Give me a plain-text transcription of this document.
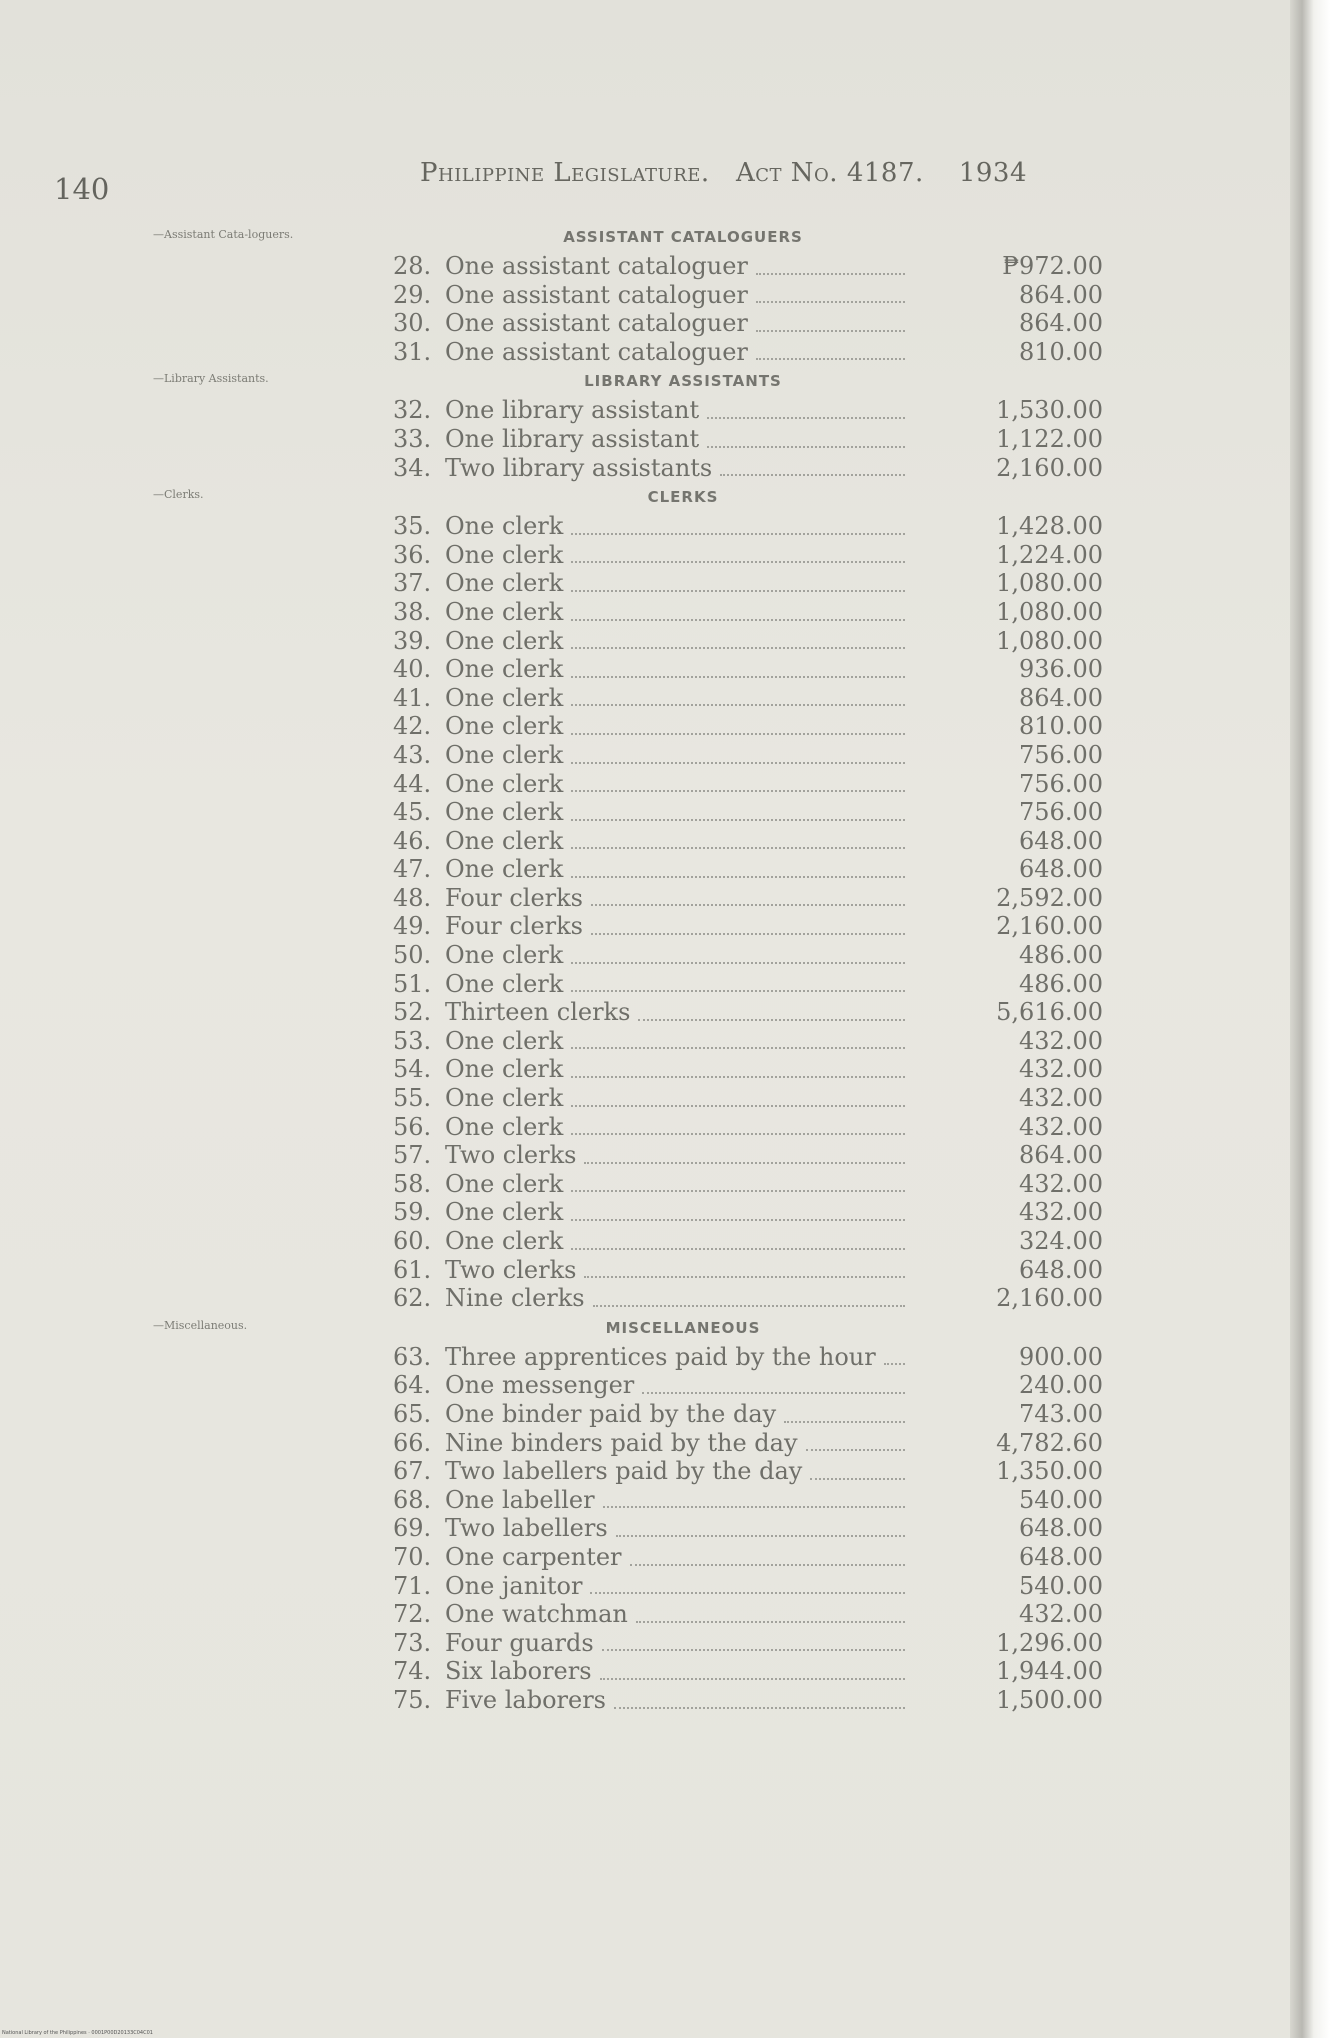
140	Philippine Legislature. Act No. 4187. 1934
—Assistant Cata-loguers.	ASSISTANT CATALOGUERS
28. One assistant cataloguer	₱972.00
29. One assistant cataloguer	864.00
30. One assistant cataloguer	864.00
31. One assistant cataloguer	810.00
—Library Assistants.	LIBRARY ASSISTANTS
32. One library assistant	1,530.00
33. One library assistant	1,122.00
34. Two library assistants	2,160.00
—Clerks.	CLERKS
35. One clerk	1,428.00
36. One clerk	1,224.00
37. One clerk	1,080.00
38. One clerk	1,080.00
39. One clerk	1,080.00
40. One clerk	936.00
41. One clerk	864.00
42. One clerk	810.00
43. One clerk	756.00
44. One clerk	756.00
45. One clerk	756.00
46. One clerk	648.00
47. One clerk	648.00
48. Four clerks	2,592.00
49. Four clerks	2,160.00
50. One clerk	486.00
51. One clerk	486.00
52. Thirteen clerks	5,616.00
53. One clerk	432.00
54. One clerk	432.00
55. One clerk	432.00
56. One clerk	432.00
57. Two clerks	864.00
58. One clerk	432.00
59. One clerk	432.00
60. One clerk	324.00
61. Two clerks	648.00
62. Nine clerks	2,160.00
—Miscellaneous.	MISCELLANEOUS
63. Three apprentices paid by the hour	900.00
64. One messenger	240.00
65. One binder paid by the day	743.00
66. Nine binders paid by the day	4,782.60
67. Two labellers paid by the day	1,350.00
68. One labeller	540.00
69. Two labellers	648.00
70. One carpenter	648.00
71. One janitor	540.00
72. One watchman	432.00
73. Four guards	1,296.00
74. Six laborers	1,944.00
75. Five laborers	1,500.00
National Library of the Philippines · 0001P00D20133C04C01
